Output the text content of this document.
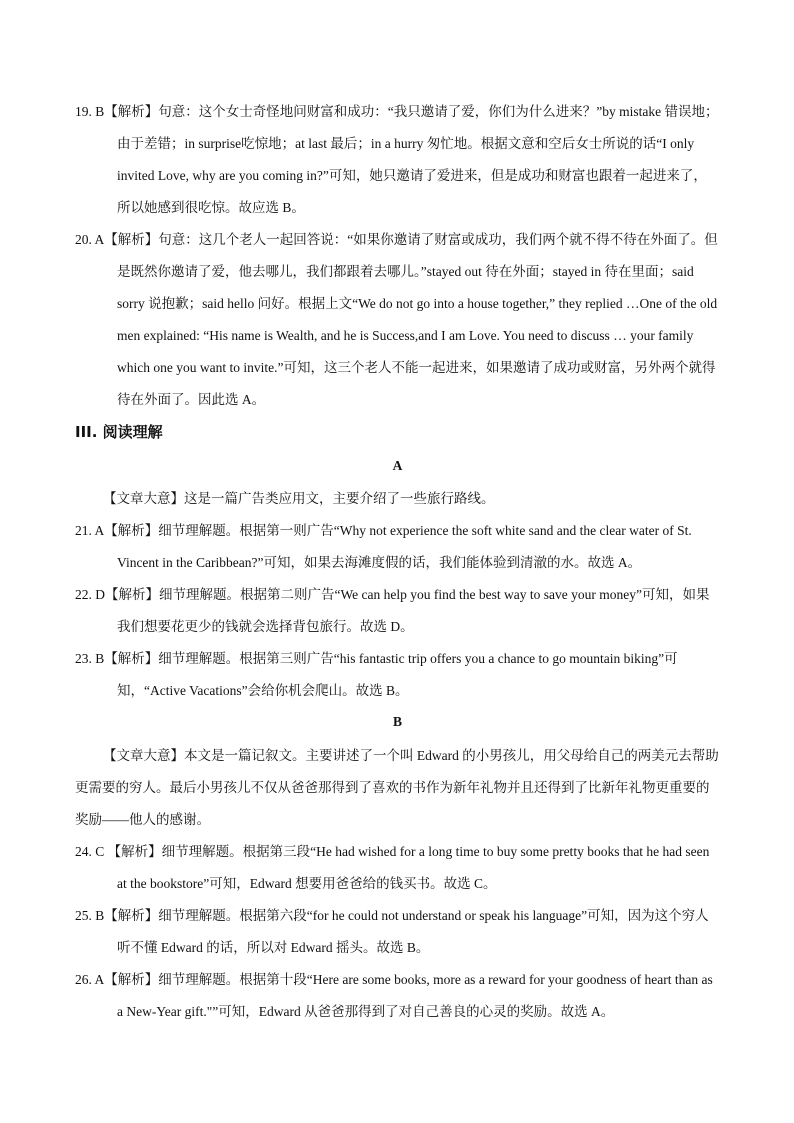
19. B【解析】句意：这个女士奇怪地问财富和成功：“我只邀请了爱，你们为什么进来？”by mistake 错误地；由于差错；in surprise吃惊地；at last 最后；in a hurry 匆忙地。根据文意和空后女士所说的话“I only invited Love, why are you coming in?”可知，她只邀请了爱进来，但是成功和财富也跟着一起进来了，所以她感到很吃惊。故应选 B。
20. A【解析】句意：这几个老人一起回答说：“如果你邀请了财富或成功，我们两个就不得不待在外面了。但是既然你邀请了爱，他去哪儿，我们都跟着去哪儿。”stayed out 待在外面；stayed in 待在里面；said sorry 说抱歉；said hello 问好。根据上文“We do not go into a house together,” they replied …One of the old men explained: “His name is Wealth, and he is Success,and I am Love. You need to discuss … your family which one you want to invite.”可知，这三个老人不能一起进来，如果邀请了成功或财富，另外两个就得待在外面了。因此选 A。
III. 阅读理解
A
【文章大意】这是一篇广告类应用文，主要介绍了一些旅行路线。
21. A【解析】细节理解题。根据第一则广告“Why not experience the soft white sand and the clear water of St. Vincent in the Caribbean?”可知，如果去海滩度假的话，我们能体验到清澈的水。故选 A。
22. D【解析】细节理解题。根据第二则广告“We can help you find the best way to save your money”可知，如果我们想要花更少的钱就会选择背包旅行。故选 D。
23. B【解析】细节理解题。根据第三则广告“his fantastic trip offers you a chance to go mountain biking”可知，“Active Vacations”会给你机会爬山。故选 B。
B
【文章大意】本文是一篇记叙文。主要讲述了一个叫 Edward 的小男孩儿，用父母给自己的两美元去帮助更需要的穷人。最后小男孩儿不仅从爸爸那得到了喜欢的书作为新年礼物并且还得到了比新年礼物更重要的奖励——他人的感谢。
24. C 【解析】细节理解题。根据第三段“He had wished for a long time to buy some pretty books that he had seen at the bookstore”可知，Edward 想要用爸爸给的钱买书。故选 C。
25. B【解析】细节理解题。根据第六段“for he could not understand or speak his language”可知，因为这个穷人听不懂 Edward 的话，所以对 Edward 摇头。故选 B。
26. A【解析】细节理解题。根据第十段“Here are some books, more as a reward for your goodness of heart than as a New-Year gift."”可知，Edward 从爸爸那得到了对自己善良的心灵的奖励。故选 A。
